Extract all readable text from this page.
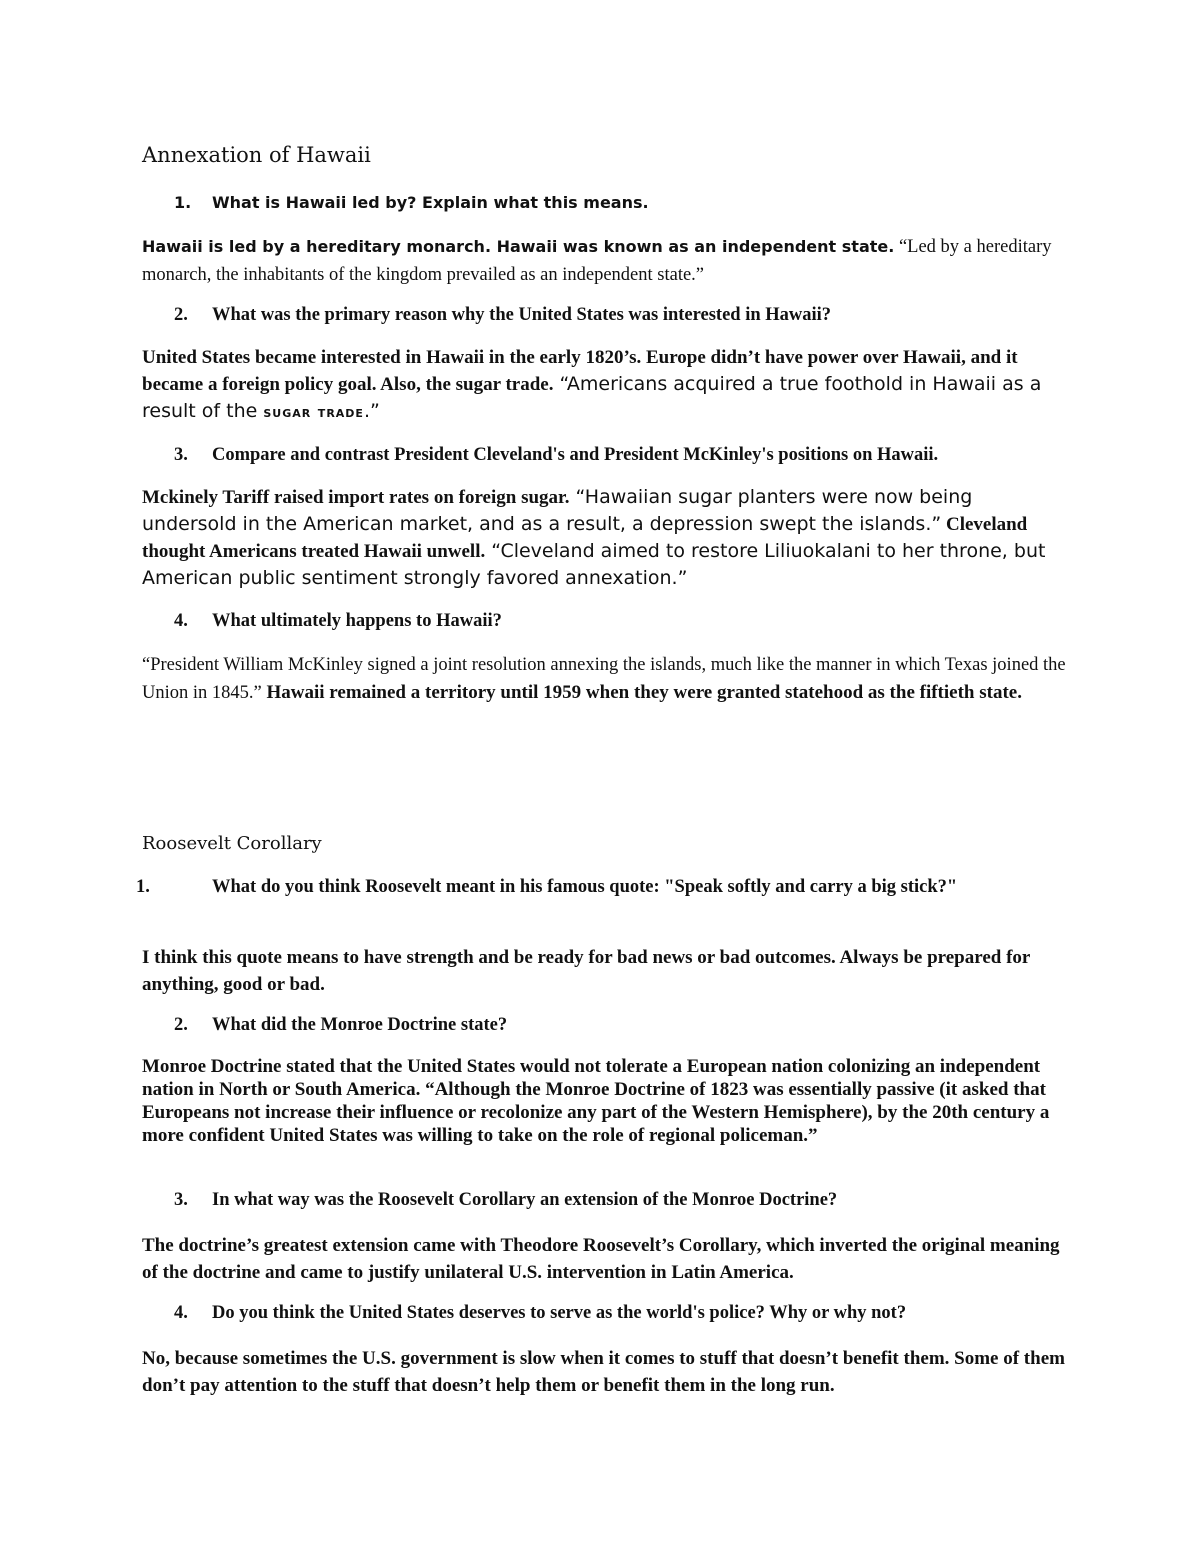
Annexation of Hawaii

1. What is Hawaii led by? Explain what this means.

Hawaii is led by a hereditary monarch. Hawaii was known as an independent state. “Led by a hereditary monarch, the inhabitants of the kingdom prevailed as an independent state.”

2. What was the primary reason why the United States was interested in Hawaii?

United States became interested in Hawaii in the early 1820’s. Europe didn’t have power over Hawaii, and it became a foreign policy goal. Also, the sugar trade. “Americans acquired a true foothold in Hawaii as a result of the sugar trade.”

3. Compare and contrast President Cleveland's and President McKinley's positions on Hawaii.

Mckinely Tariff raised import rates on foreign sugar. “Hawaiian sugar planters were now being undersold in the American market, and as a result, a depression swept the islands.” Cleveland thought Americans treated Hawaii unwell. “Cleveland aimed to restore Liliuokalani to her throne, but American public sentiment strongly favored annexation.”

4. What ultimately happens to Hawaii?

“President William McKinley signed a joint resolution annexing the islands, much like the manner in which Texas joined the Union in 1845.” Hawaii remained a territory until 1959 when they were granted statehood as the fiftieth state.

Roosevelt Corollary

1.	What do you think Roosevelt meant in his famous quote: "Speak softly and carry a big stick?"

I think this quote means to have strength and be ready for bad news or bad outcomes. Always be prepared for anything, good or bad.

2. What did the Monroe Doctrine state?

Monroe Doctrine stated that the United States would not tolerate a European nation colonizing an independent nation in North or South America. “Although the Monroe Doctrine of 1823 was essentially passive (it asked that Europeans not increase their influence or recolonize any part of the Western Hemisphere), by the 20th century a more confident United States was willing to take on the role of regional policeman.”

3. In what way was the Roosevelt Corollary an extension of the Monroe Doctrine?

The doctrine’s greatest extension came with Theodore Roosevelt’s Corollary, which inverted the original meaning of the doctrine and came to justify unilateral U.S. intervention in Latin America.

4. Do you think the United States deserves to serve as the world's police? Why or why not?

No, because sometimes the U.S. government is slow when it comes to stuff that doesn’t benefit them. Some of them don’t pay attention to the stuff that doesn’t help them or benefit them in the long run.
